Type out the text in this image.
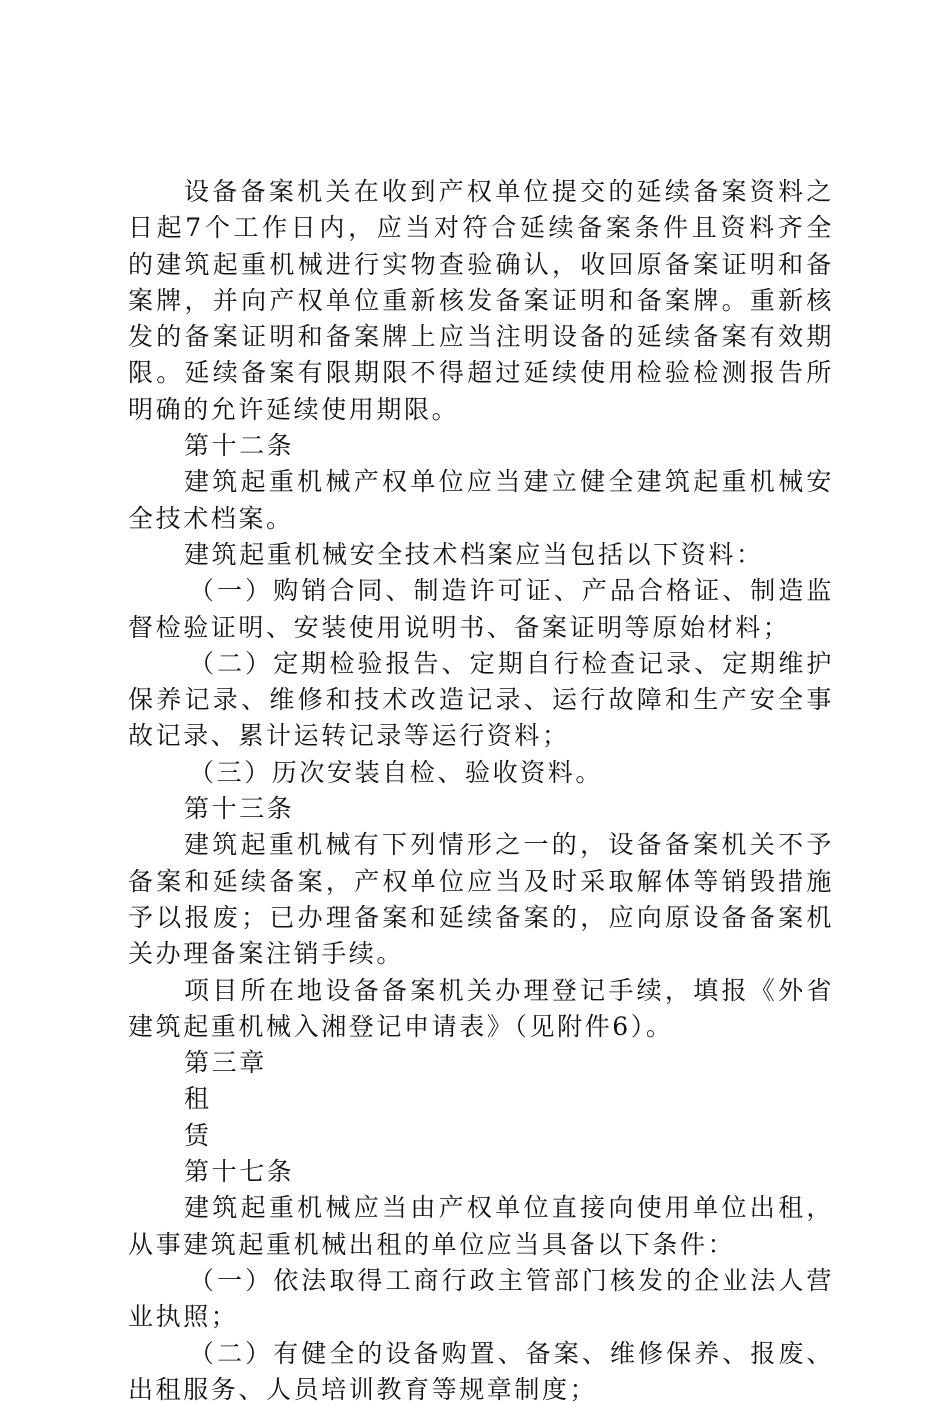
设备备案机关在收到产权单位提交的延续备案资料之日起7个工作日内，应当对符合延续备案条件且资料齐全的建筑起重机械进行实物查验确认，收回原备案证明和备案牌，并向产权单位重新核发备案证明和备案牌。重新核发的备案证明和备案牌上应当注明设备的延续备案有效期限。延续备案有限期限不得超过延续使用检验检测报告所明确的允许延续使用期限。

第十二条

建筑起重机械产权单位应当建立健全建筑起重机械安全技术档案。

建筑起重机械安全技术档案应当包括以下资料：

（一）购销合同、制造许可证、产品合格证、制造监督检验证明、安装使用说明书、备案证明等原始材料；

（二）定期检验报告、定期自行检查记录、定期维护保养记录、维修和技术改造记录、运行故障和生产安全事故记录、累计运转记录等运行资料；

（三）历次安装自检、验收资料。

第十三条

建筑起重机械有下列情形之一的，设备备案机关不予备案和延续备案，产权单位应当及时采取解体等销毁措施予以报废；已办理备案和延续备案的，应向原设备备案机关办理备案注销手续。

项目所在地设备备案机关办理登记手续，填报《外省建筑起重机械入湘登记申请表》（见附件6）。

第三章

租

赁

第十七条

建筑起重机械应当由产权单位直接向使用单位出租，从事建筑起重机械出租的单位应当具备以下条件：

（一）依法取得工商行政主管部门核发的企业法人营业执照；

（二）有健全的设备购置、备案、维修保养、报废、出租服务、人员培训教育等规章制度；
